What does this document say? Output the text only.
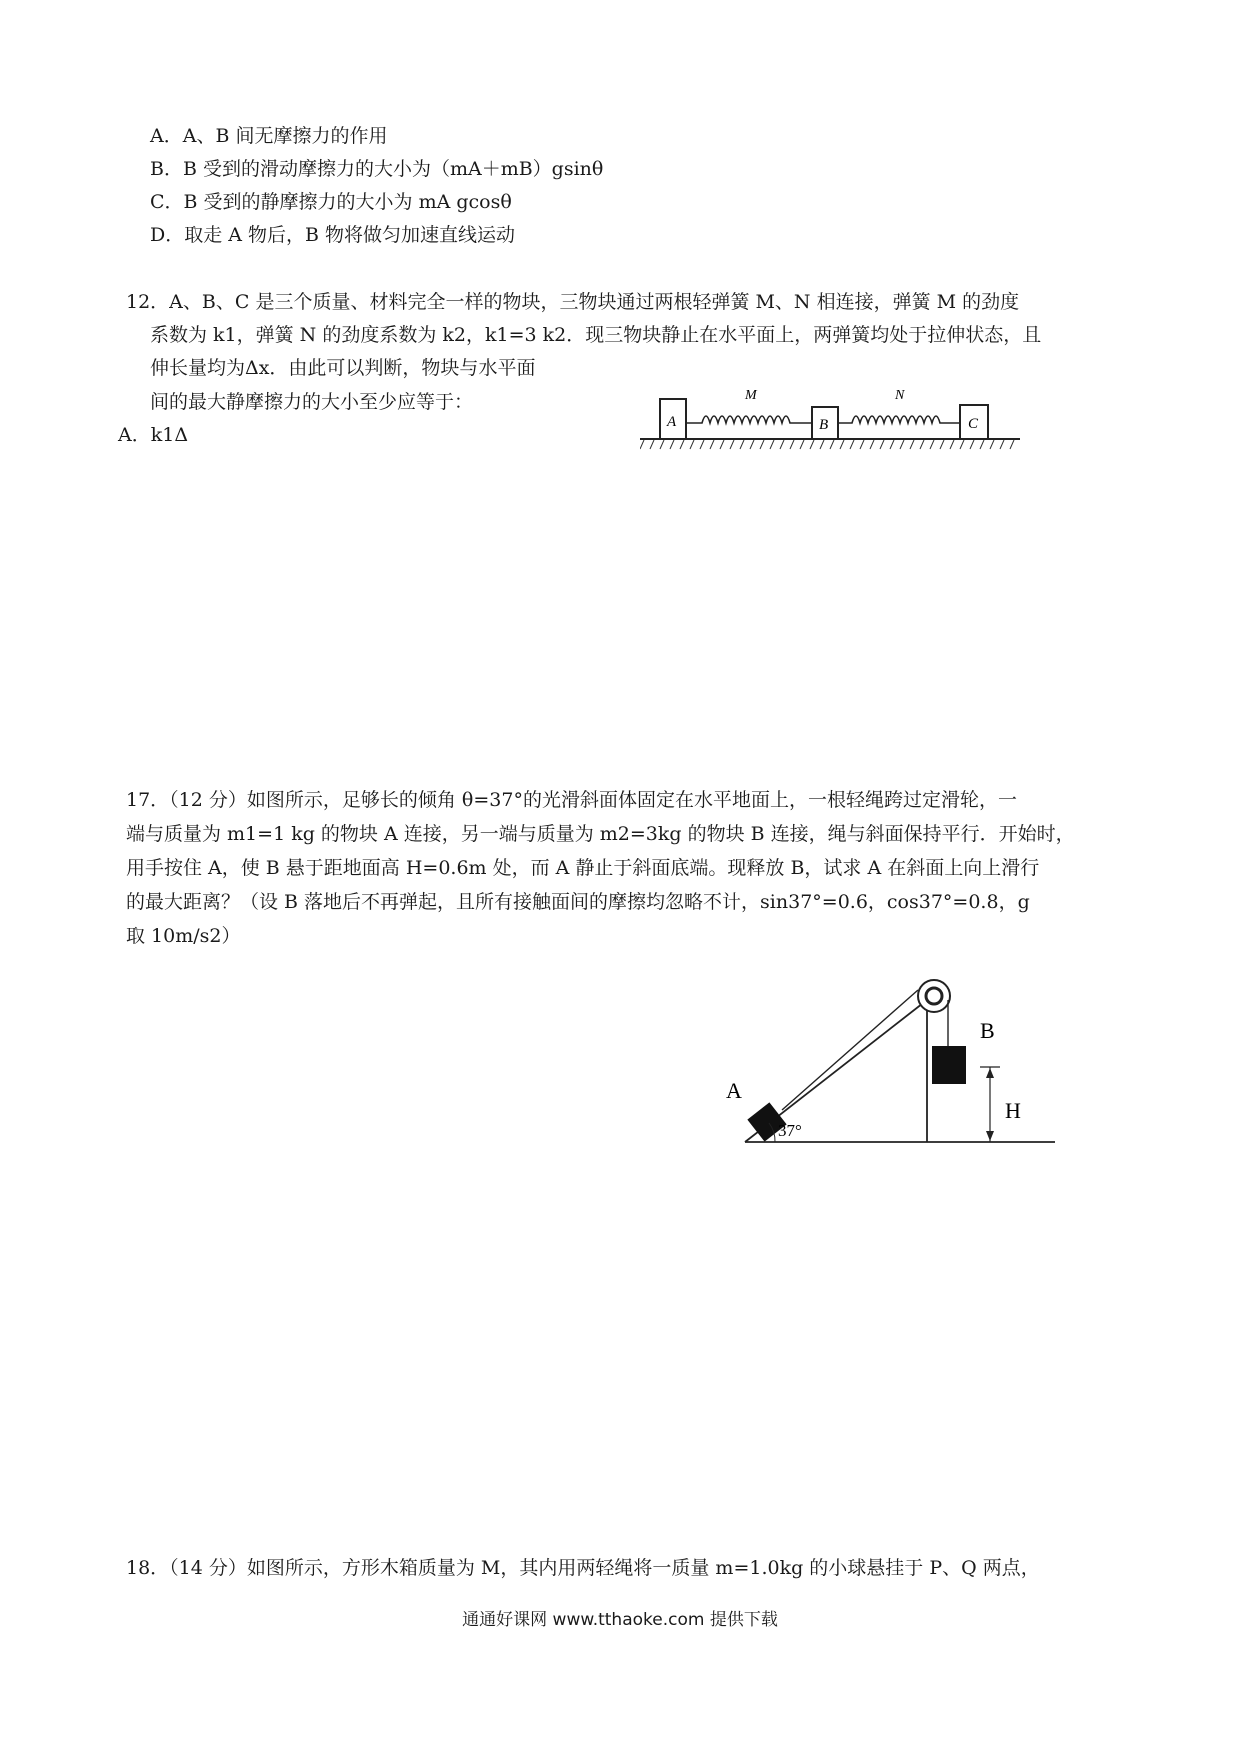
A．A、B 间无摩擦力的作用
B．B 受到的滑动摩擦力的大小为（mA＋mB）gsinθ
C．B 受到的静摩擦力的大小为 mA gcosθ
D．取走 A 物后，B 物将做匀加速直线运动
12．A、B、C 是三个质量、材料完全一样的物块，三物块通过两根轻弹簧 M、N 相连接，弹簧 M 的劲度
系数为 k1，弹簧 N 的劲度系数为 k2，k1=3 k2．现三物块静止在水平面上，两弹簧均处于拉伸状态，且
伸长量均为Δx．由此可以判断，物块与水平面
间的最大静摩擦力的大小至少应等于：
A．k1Δ
A	B	C
M	N
17．（12 分）如图所示，足够长的倾角 θ=37°的光滑斜面体固定在水平地面上，一根轻绳跨过定滑轮，一
端与质量为 m1=1 kg 的物块 A 连接，另一端与质量为 m2=3kg 的物块 B 连接，绳与斜面保持平行．开始时，
用手按住 A，使 B 悬于距地面高 H=0.6m 处，而 A 静止于斜面底端。现释放 B，试求 A 在斜面上向上滑行
的最大距离？（设 B 落地后不再弹起，且所有接触面间的摩擦均忽略不计，sin37°=0.6，cos37°=0.8，g
取 10m/s2）
A
B
H
37°
18．（14 分）如图所示，方形木箱质量为 M，其内用两轻绳将一质量 m=1.0kg 的小球悬挂于 P、Q 两点，
通通好课网 www.tthaoke.com 提供下载
